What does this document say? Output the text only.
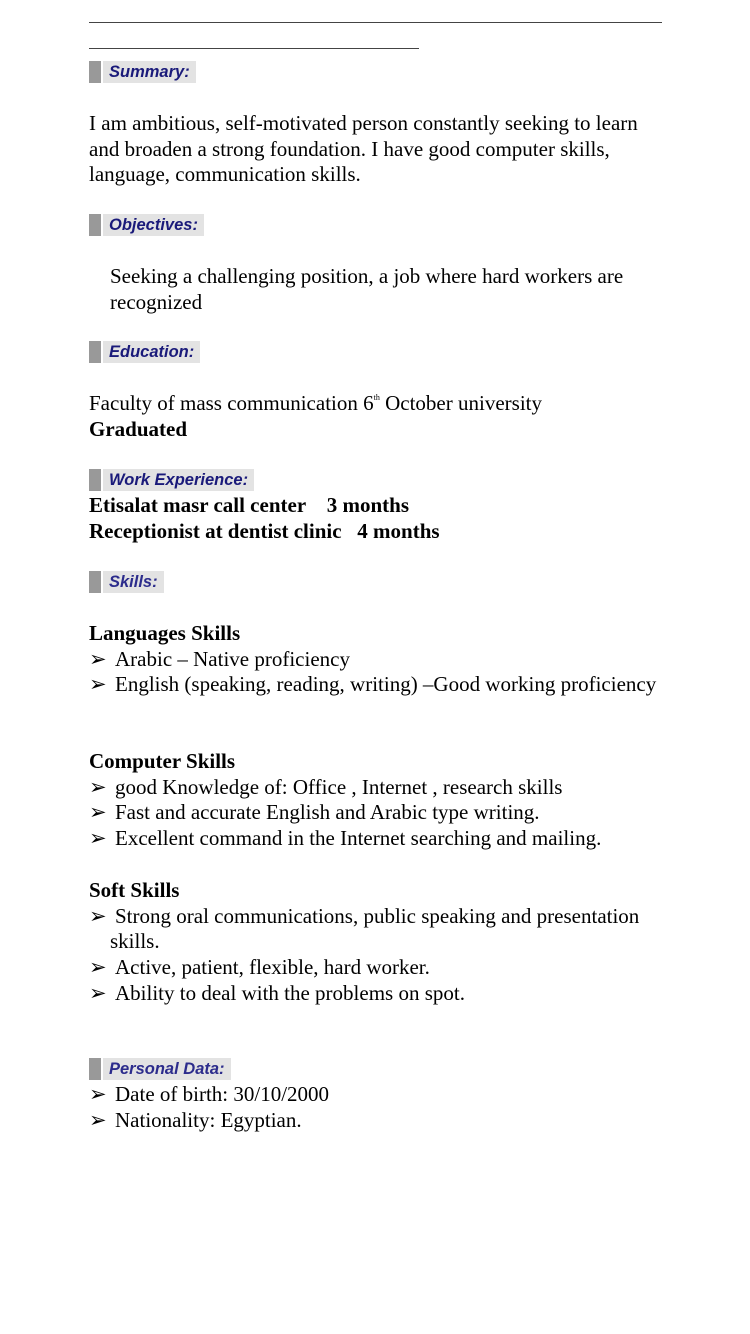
Summary:
I am ambitious, self-motivated person constantly seeking to learn and broaden a strong foundation. I have good computer skills, language, communication skills.
Objectives:
Seeking a challenging position, a job where hard workers are recognized
Education:
Faculty of mass communication 6th October university
Graduated
Work Experience:
Etisalat masr call center    3 months
Receptionist at dentist clinic   4 months
Skills:
Languages Skills
➢ Arabic – Native proficiency
➢ English (speaking, reading, writing) –Good working proficiency
Computer Skills
➢ good Knowledge of: Office , Internet , research skills
➢ Fast and accurate English and Arabic type writing.
➢ Excellent command in the Internet searching and mailing.
Soft Skills
➢ Strong oral communications, public speaking and presentation skills.
➢ Active, patient, flexible, hard worker.
➢ Ability to deal with the problems on spot.
Personal Data:
➢ Date of birth: 30/10/2000
➢ Nationality: Egyptian.
